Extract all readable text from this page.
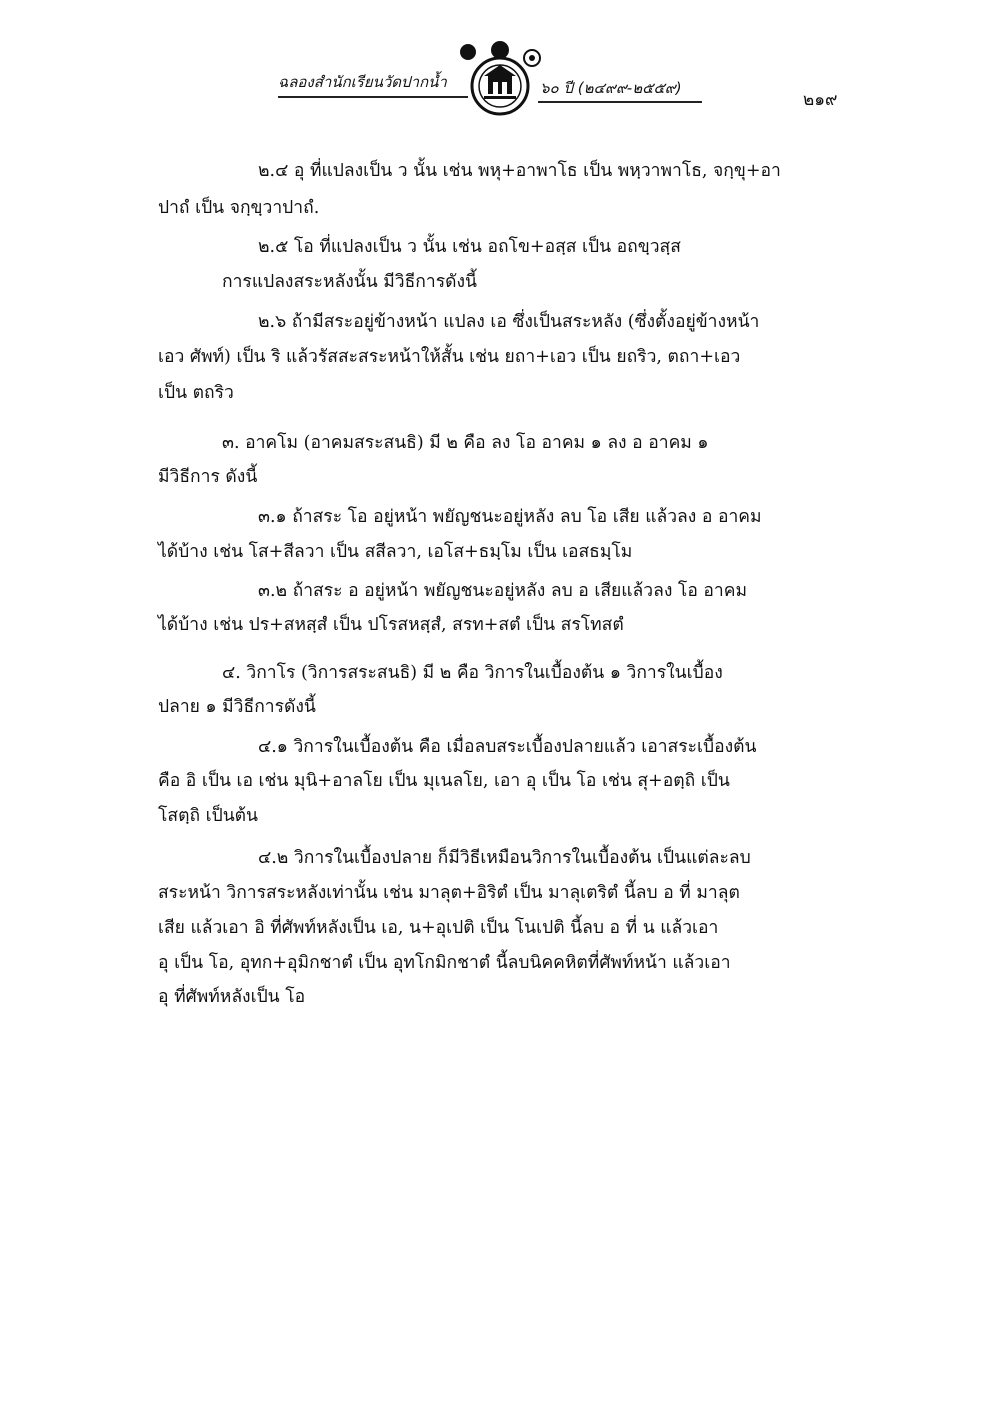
ฉลองสำนักเรียนวัดปากน้ำ	๖๐ ปี (๒๔๙๙-๒๕๕๙)
๒๑๙

๒.๔ อุ ที่แปลงเป็น ว นั้น เช่น พหุ+อาพาโธ เป็น พหฺวาพาโธ, จกฺขุ+อา

ปาถํ เป็น จกฺขฺวาปาถํ.

๒.๕ โอ ที่แปลงเป็น ว นั้น เช่น อถโข+อสฺส เป็น อถขฺวสฺส

การแปลงสระหลังนั้น มีวิธีการดังนี้

๒.๖ ถ้ามีสระอยู่ข้างหน้า แปลง เอ ซึ่งเป็นสระหลัง (ซึ่งตั้งอยู่ข้างหน้า

เอว ศัพท์) เป็น ริ แล้วรัสสะสระหน้าให้สั้น เช่น ยถา+เอว เป็น ยถริว, ตถา+เอว

เป็น ตถริว

๓. อาคโม (อาคมสระสนธิ) มี ๒ คือ ลง โอ อาคม ๑ ลง อ อาคม ๑

มีวิธีการ ดังนี้

๓.๑ ถ้าสระ โอ อยู่หน้า พยัญชนะอยู่หลัง ลบ โอ เสีย แล้วลง อ อาคม

ได้บ้าง เช่น โส+สีลวา เป็น สสีลวา, เอโส+ธมฺโม เป็น เอสธมฺโม

๓.๒ ถ้าสระ อ อยู่หน้า พยัญชนะอยู่หลัง ลบ อ เสียแล้วลง โอ อาคม

ได้บ้าง เช่น ปร+สหสฺสํ เป็น ปโรสหสฺสํ, สรท+สตํ เป็น สรโทสตํ

๔. วิกาโร (วิการสระสนธิ) มี ๒ คือ วิการในเบื้องต้น ๑ วิการในเบื้อง

ปลาย ๑ มีวิธีการดังนี้

๔.๑ วิการในเบื้องต้น คือ เมื่อลบสระเบื้องปลายแล้ว เอาสระเบื้องต้น

คือ อิ เป็น เอ เช่น มุนิ+อาลโย เป็น มุเนลโย, เอา อุ เป็น โอ เช่น สุ+อตฺถิ เป็น

โสตฺถิ เป็นต้น

๔.๒ วิการในเบื้องปลาย ก็มีวิธีเหมือนวิการในเบื้องต้น เป็นแต่ละลบ

สระหน้า วิการสระหลังเท่านั้น เช่น มาลุต+อิริตํ เป็น มาลุเตริตํ นี้ลบ อ ที่ มาลุต

เสีย แล้วเอา อิ ที่ศัพท์หลังเป็น เอ, น+อุเปติ เป็น โนเปติ นี้ลบ อ ที่ น แล้วเอา

อุ เป็น โอ, อุทก+อุมิกชาตํ เป็น อุทโกมิกชาตํ นี้ลบนิคคหิตที่ศัพท์หน้า แล้วเอา

อุ ที่ศัพท์หลังเป็น โอ
